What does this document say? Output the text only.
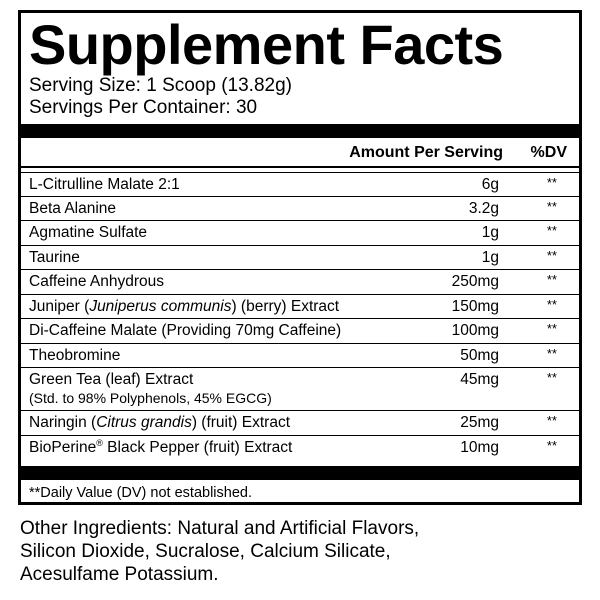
Supplement Facts
Serving Size: 1 Scoop (13.82g)
Servings Per Container: 30
Amount Per Serving %DV
L-Citrulline Malate 2:1	6g	**
Beta Alanine	3.2g	**
Agmatine Sulfate	1g	**
Taurine	1g	**
Caffeine Anhydrous	250mg	**
Juniper (Juniperus communis) (berry) Extract	150mg	**
Di-Caffeine Malate (Providing 70mg Caffeine)	100mg	**
Theobromine	50mg	**
Green Tea (leaf) Extract
(Std. to 98% Polyphenols, 45% EGCG)
45mg	**
Naringin (Citrus grandis) (fruit) Extract	25mg	**
BioPerine® Black Pepper (fruit) Extract	10mg	**
**Daily Value (DV) not established.
Other Ingredients: Natural and Artificial Flavors,
Silicon Dioxide, Sucralose, Calcium Silicate,
Acesulfame Potassium.
